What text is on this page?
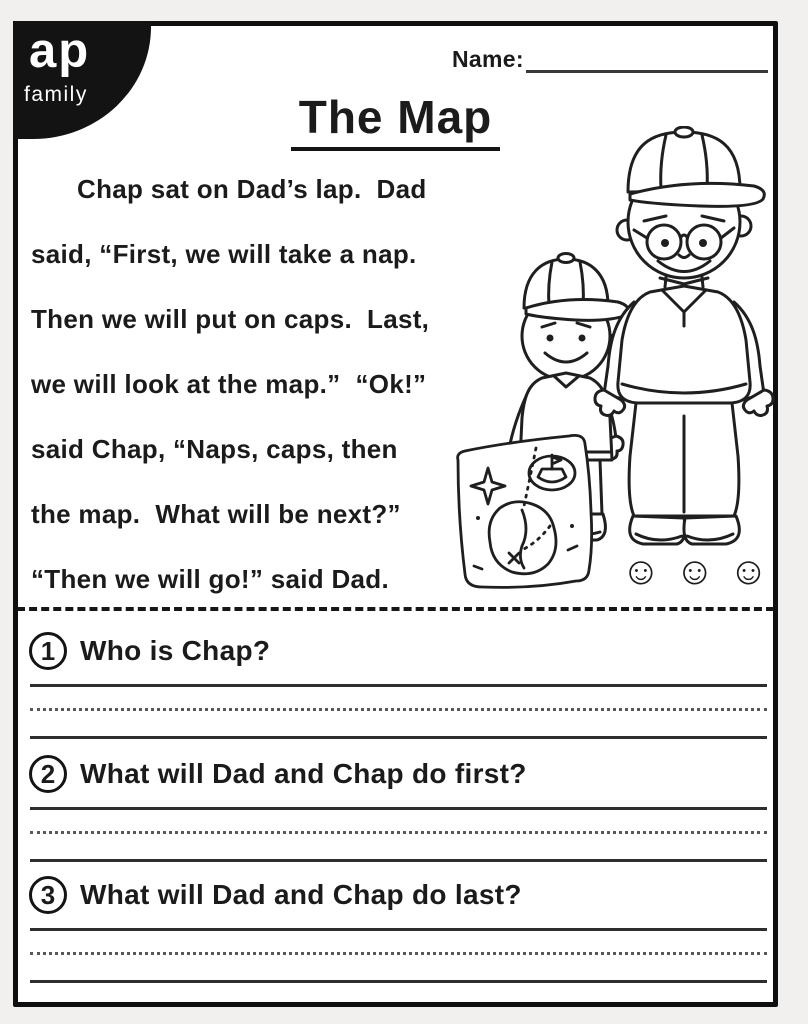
ap
family
Name:
The Map
Chap sat on Dad’s lap.  Dad
said, “First, we will take a nap.
Then we will put on caps.  Last,
we will look at the map.”  “Ok!”
said Chap, “Naps, caps, then
the map.  What will be next?”
“Then we will go!” said Dad.	☺ ☺ ☺
1 Who is Chap?
2 What will Dad and Chap do first?
3 What will Dad and Chap do last?
